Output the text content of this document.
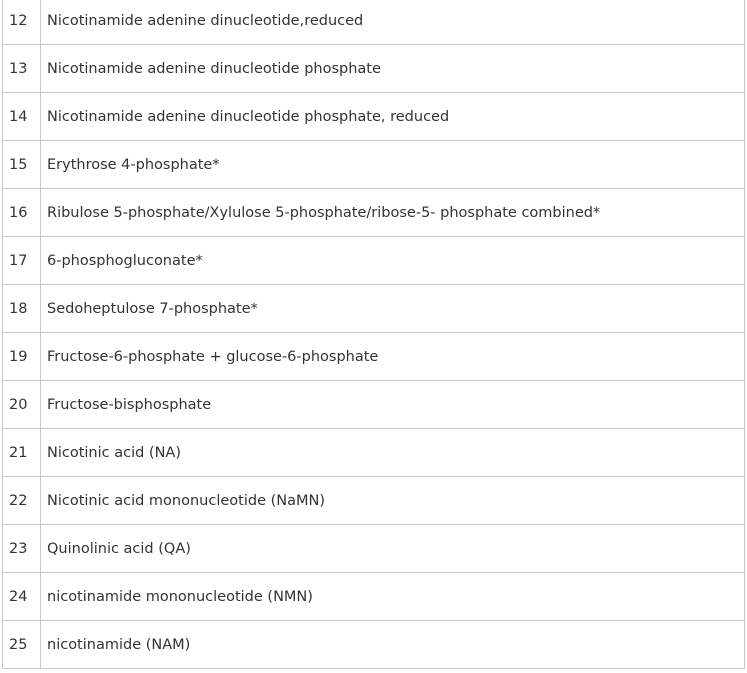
12	Nicotinamide adenine dinucleotide,reduced
13	Nicotinamide adenine dinucleotide phosphate
14	Nicotinamide adenine dinucleotide phosphate, reduced
15	Erythrose 4-phosphate*
16	Ribulose 5-phosphate/Xylulose 5-phosphate/ribose-5- phosphate combined*
17	6-phosphogluconate*
18	Sedoheptulose 7-phosphate*
19	Fructose-6-phosphate + glucose-6-phosphate
20	Fructose-bisphosphate
21	Nicotinic acid (NA)
22	Nicotinic acid mononucleotide (NaMN)
23	Quinolinic acid (QA)
24	nicotinamide mononucleotide (NMN)
25	nicotinamide (NAM)
